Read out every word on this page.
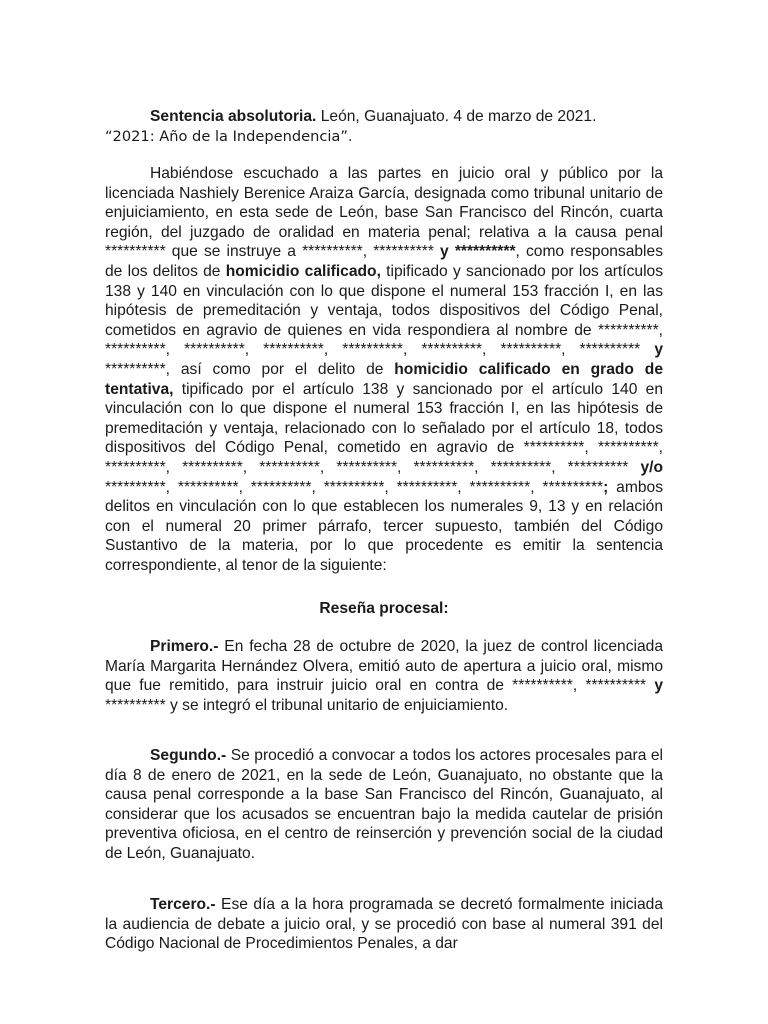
Sentencia absolutoria. León, Guanajuato. 4 de marzo de 2021.
“2021: Año de la Independencia”.

Habiéndose escuchado a las partes en juicio oral y público por la licenciada Nashiely Berenice Araiza García, designada como tribunal unitario de enjuiciamiento, en esta sede de León, base San Francisco del Rincón, cuarta región, del juzgado de oralidad en materia penal; relativa a la causa penal ********** que se instruye a **********, ********** y **********, como responsables de los delitos de homicidio calificado, tipificado y sancionado por los artículos 138 y 140 en vinculación con lo que dispone el numeral 153 fracción I, en las hipótesis de premeditación y ventaja, todos dispositivos del Código Penal, cometidos en agravio de quienes en vida respondiera al nombre de **********, **********, **********, **********, **********, **********, **********, ********** y **********, así como por el delito de homicidio calificado en grado de tentativa, tipificado por el artículo 138 y sancionado por el artículo 140 en vinculación con lo que dispone el numeral 153 fracción I, en las hipótesis de premeditación y ventaja, relacionado con lo señalado por el artículo 18, todos dispositivos del Código Penal, cometido en agravio de **********, **********, **********, **********, **********, **********, **********, **********, ********** y/o **********, **********, **********, **********, **********, **********, **********; ambos delitos en vinculación con lo que establecen los numerales 9, 13 y en relación con el numeral 20 primer párrafo, tercer supuesto, también del Código Sustantivo de la materia, por lo que procedente es emitir la sentencia correspondiente, al tenor de la siguiente:

Reseña procesal:

Primero.- En fecha 28 de octubre de 2020, la juez de control licenciada María Margarita Hernández Olvera, emitió auto de apertura a juicio oral, mismo que fue remitido, para instruir juicio oral en contra de **********, ********** y ********** y se integró el tribunal unitario de enjuiciamiento.

Segundo.- Se procedió a convocar a todos los actores procesales para el día 8 de enero de 2021, en la sede de León, Guanajuato, no obstante que la causa penal corresponde a la base San Francisco del Rincón, Guanajuato, al considerar que los acusados se encuentran bajo la medida cautelar de prisión preventiva oficiosa, en el centro de reinserción y prevención social de la ciudad de León, Guanajuato.

Tercero.- Ese día a la hora programada se decretó formalmente iniciada la audiencia de debate a juicio oral, y se procedió con base al numeral 391 del Código Nacional de Procedimientos Penales, a dar
